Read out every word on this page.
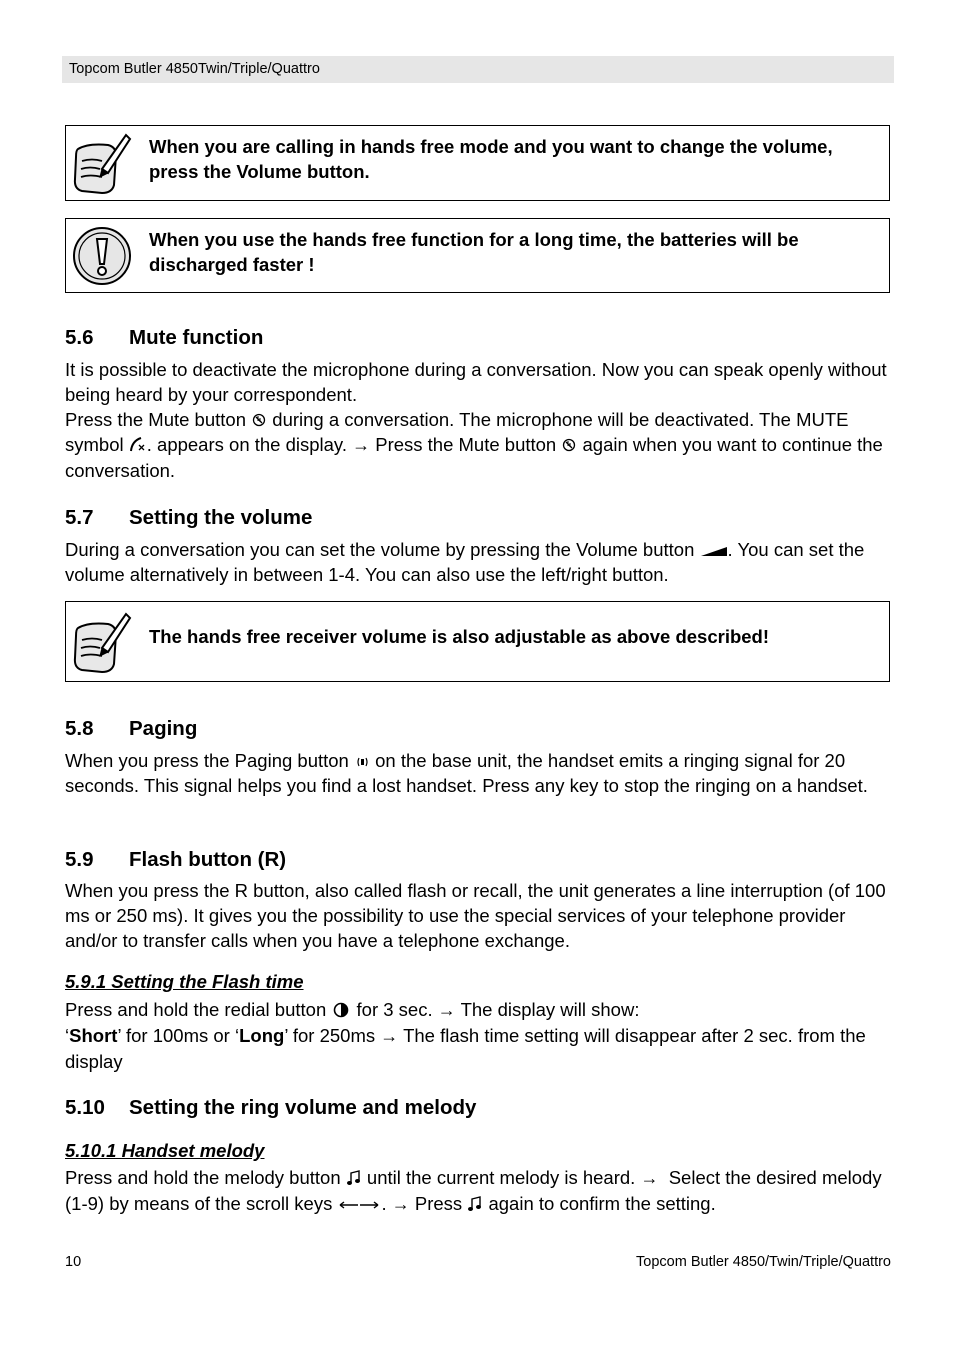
Topcom Butler 4850Twin/Triple/Quattro
When you are calling in hands free mode and you want to change the volume, press the Volume button.
When you use the hands free function for a long time, the batteries will be discharged faster !
5.6 Mute function
It is possible to deactivate the microphone during a conversation. Now you can speak openly without being heard by your correspondent.
Press the Mute button during a conversation. The microphone will be deactivated. The MUTE symbol . appears on the display. → Press the Mute button again when you want to continue the conversation.
5.7 Setting the volume
During a conversation you can set the volume by pressing the Volume button . You can set the volume alternatively in between 1-4. You can also use the left/right button.
The hands free receiver volume is also adjustable as above described!
5.8 Paging
When you press the Paging button on the base unit, the handset emits a ringing signal for 20 seconds. This signal helps you find a lost handset. Press any key to stop the ringing on a handset.
5.9 Flash button (R)
When you press the R button, also called flash or recall, the unit generates a line interruption (of 100 ms or 250 ms). It gives you the possibility to use the special services of your telephone provider and/or to transfer calls when you have a telephone exchange.
5.9.1 Setting the Flash time
Press and hold the redial button for 3 sec. → The display will show:
‘Short’ for 100ms or ‘Long’ for 250ms → The flash time setting will disappear after 2 sec. from the display
5.10 Setting the ring volume and melody
5.10.1 Handset melody
Press and hold the melody button until the current melody is heard. → Select the desired melody (1-9) by means of the scroll keys	. → Press again to confirm the setting.
10	Topcom Butler 4850/Twin/Triple/Quattro
